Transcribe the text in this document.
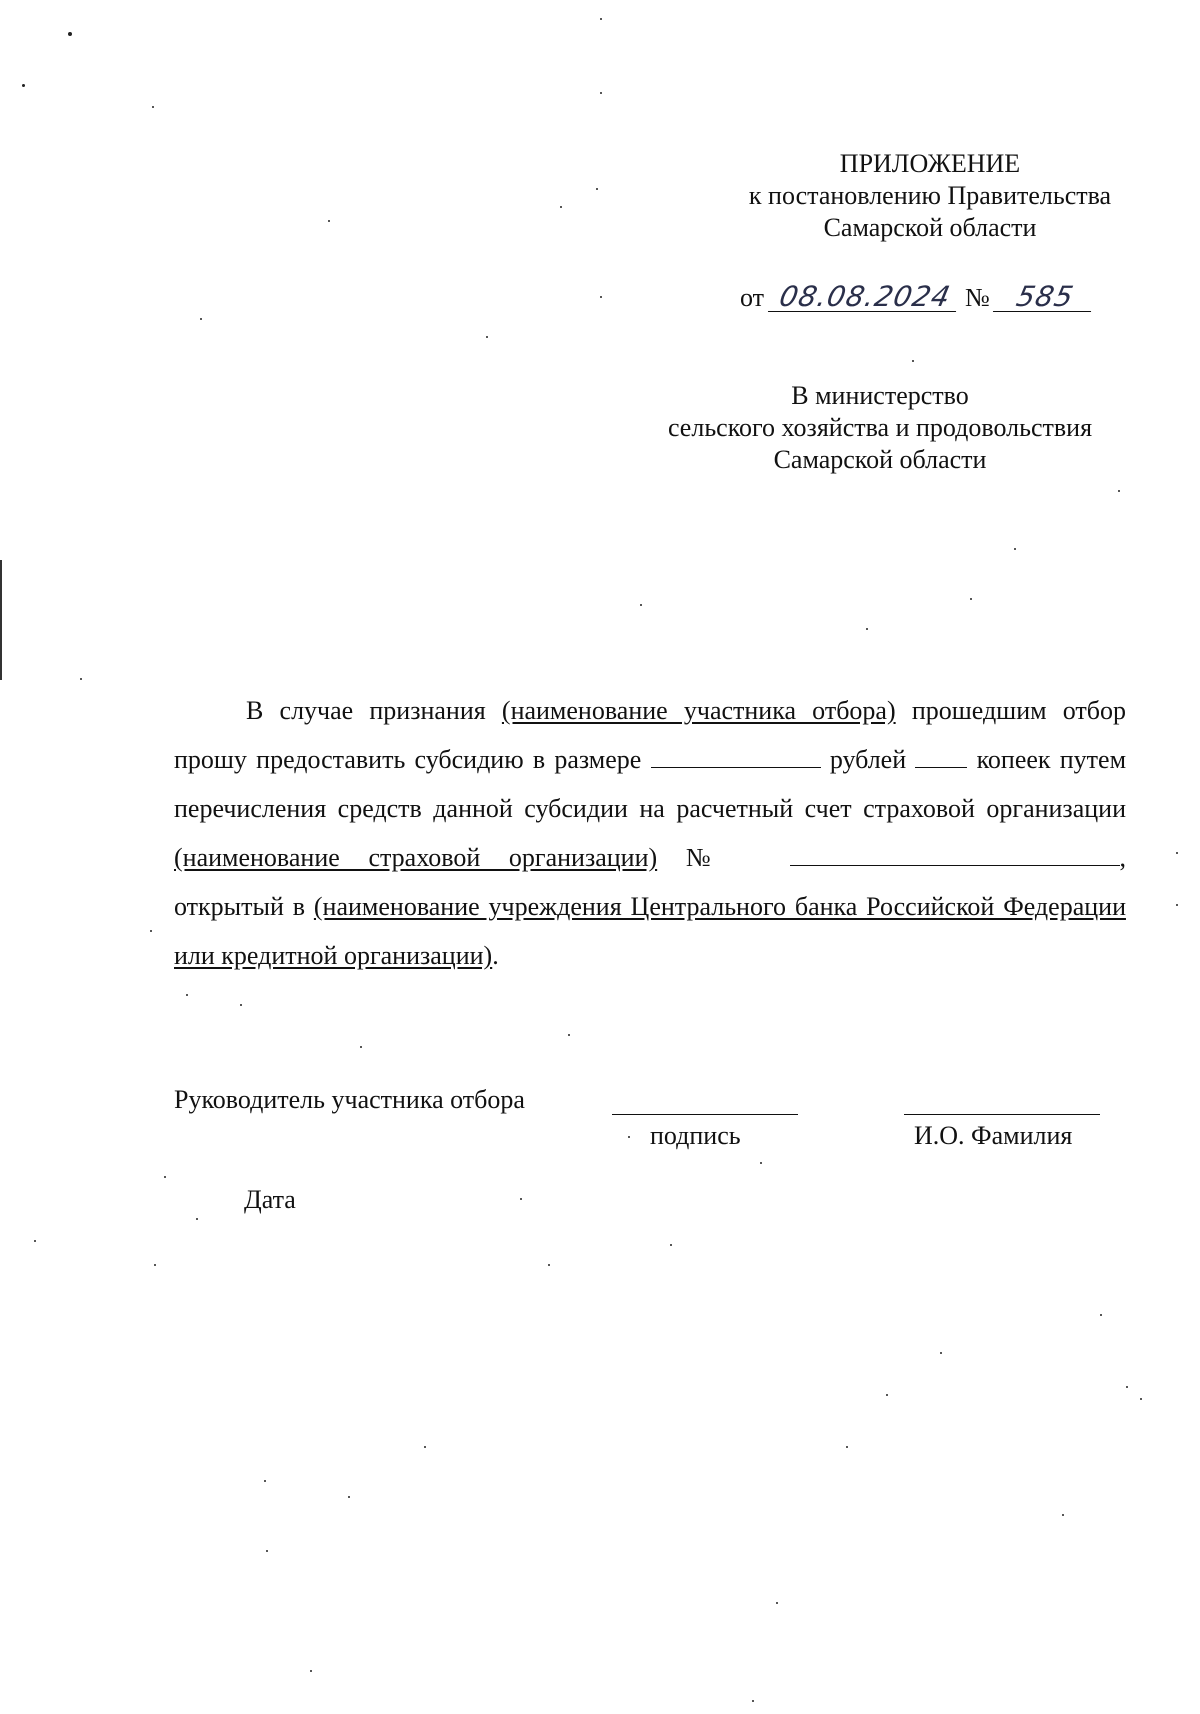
ПРИЛОЖЕНИЕ
к постановлению Правительства
Самарской области
от 08.08.2024 № 585
В министерство
сельского хозяйства и продовольствия
Самарской области
В случае признания (наименование участника отбора) прошедшим отбор прошу предоставить субсидию в размере	рублей	копеек путем перечисления средств данной субсидии на расчетный счет страховой организации (наименование страховой организации) №	, открытый в (наименование учреждения Центрального банка Российской Федерации или кредитной организации).
Руководитель участника отбора
подпись	И.О. Фамилия
Дата
